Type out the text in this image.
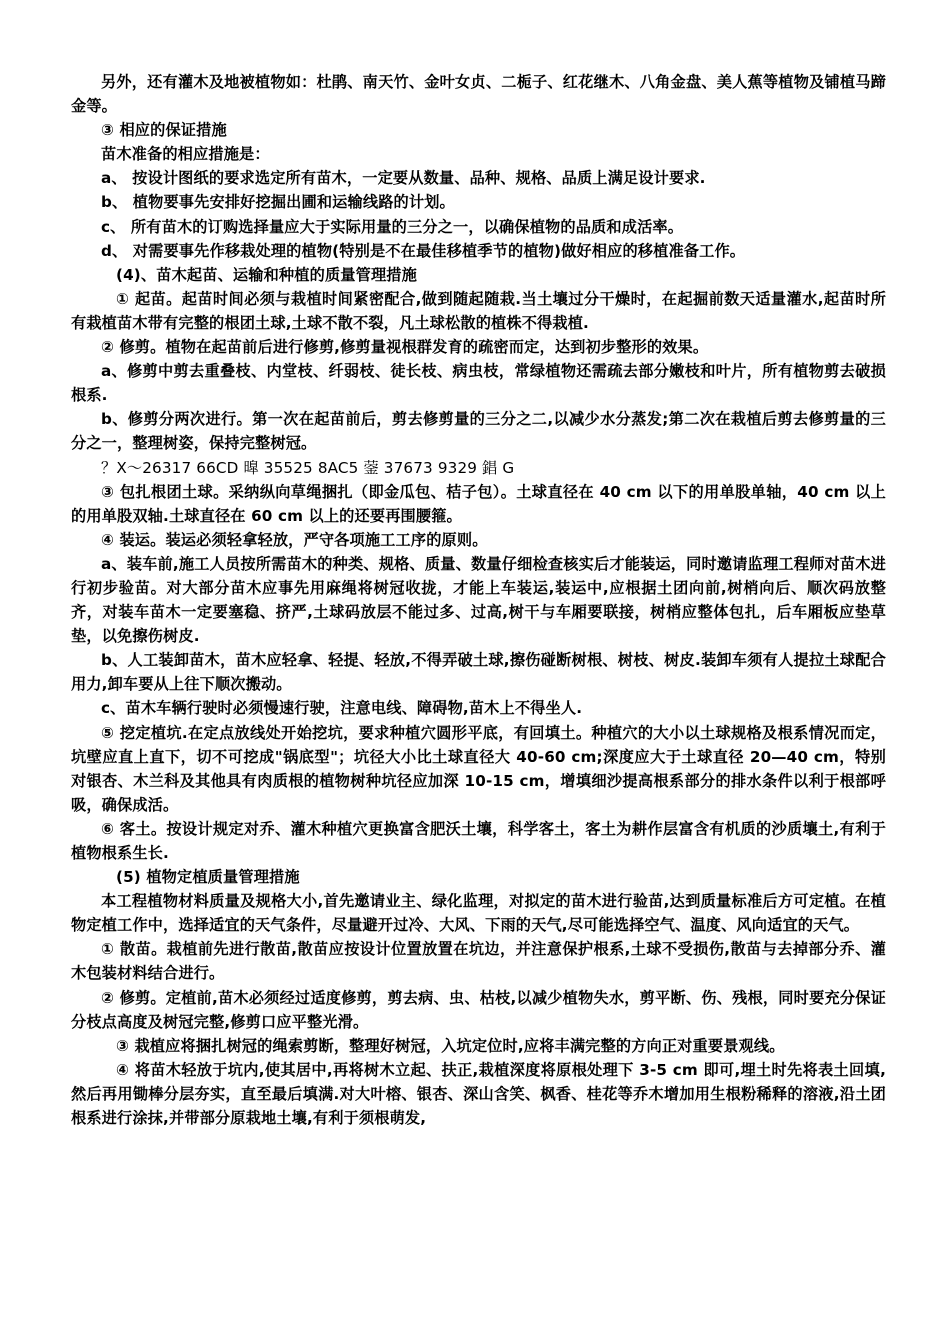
另外，还有灌木及地被植物如：杜鹃、南天竹、金叶女贞、二栀子、红花继木、八角金盘、美人蕉等植物及铺植马蹄金等。

③ 相应的保证措施

苗木准备的相应措施是：

a、 按设计图纸的要求选定所有苗木，一定要从数量、品种、规格、品质上满足设计要求.

b、 植物要事先安排好挖掘出圃和运输线路的计划。

c、 所有苗木的订购选择量应大于实际用量的三分之一，以确保植物的品质和成活率。

d、 对需要事先作移栽处理的植物(特别是不在最佳移植季节的植物)做好相应的移植准备工作。

(4)、苗木起苗、运输和种植的质量管理措施

① 起苗。起苗时间必须与栽植时间紧密配合,做到随起随栽.当土壤过分干燥时，在起掘前数天适量灌水,起苗时所有栽植苗木带有完整的根团土球,土球不散不裂，凡土球松散的植株不得栽植.

② 修剪。植物在起苗前后进行修剪,修剪量视根群发育的疏密而定，达到初步整形的效果。

a、修剪中剪去重叠枝、内堂枝、纤弱枝、徒长枝、病虫枝，常绿植物还需疏去部分嫩枝和叶片，所有植物剪去破损根系.

b、修剪分两次进行。第一次在起苗前后，剪去修剪量的三分之二,以减少水分蒸发;第二次在栽植后剪去修剪量的三分之一，整理树姿，保持完整树冠。

？X～26317 66CD 曍 35525 8AC5 蓥 37673 9329 錩 G

③ 包扎根团土球。采纳纵向草绳捆扎（即金瓜包、桔子包）。土球直径在 40 cm 以下的用单股单轴，40 cm 以上的用单股双轴.土球直径在 60 cm 以上的还要再围腰箍。

④ 装运。装运必须轻拿轻放，严守各项施工工序的原则。

a、装车前,施工人员按所需苗木的种类、规格、质量、数量仔细检查核实后才能装运，同时邀请监理工程师对苗木进行初步验苗。对大部分苗木应事先用麻绳将树冠收拢，才能上车装运,装运中,应根据土团向前,树梢向后、顺次码放整齐，对装车苗木一定要塞稳、挤严,土球码放层不能过多、过高,树干与车厢要联接，树梢应整体包扎，后车厢板应垫草垫，以免擦伤树皮.

b、人工装卸苗木，苗木应轻拿、轻提、轻放,不得弄破土球,擦伤碰断树根、树枝、树皮.装卸车须有人提拉土球配合用力,卸车要从上往下顺次搬动。

c、苗木车辆行驶时必须慢速行驶，注意电线、障碍物,苗木上不得坐人.

⑤ 挖定植坑.在定点放线处开始挖坑，要求种植穴圆形平底，有回填土。种植穴的大小以土球规格及根系情况而定，坑壁应直上直下，切不可挖成"锅底型"；坑径大小比土球直径大 40-60 cm;深度应大于土球直径 20—40 cm，特别对银杏、木兰科及其他具有肉质根的植物树种坑径应加深 10-15 cm，增填细沙提高根系部分的排水条件以利于根部呼吸，确保成活。

⑥ 客土。按设计规定对乔、灌木种植穴更换富含肥沃土壤，科学客土，客土为耕作层富含有机质的沙质壤土,有利于植物根系生长.

(5) 植物定植质量管理措施

本工程植物材料质量及规格大小,首先邀请业主、绿化监理，对拟定的苗木进行验苗,达到质量标准后方可定植。在植物定植工作中，选择适宜的天气条件，尽量避开过冷、大风、下雨的天气,尽可能选择空气、温度、风向适宜的天气。

① 散苗。栽植前先进行散苗,散苗应按设计位置放置在坑边，并注意保护根系,土球不受损伤,散苗与去掉部分乔、灌木包装材料结合进行。

② 修剪。定植前,苗木必须经过适度修剪，剪去病、虫、枯枝,以减少植物失水，剪平断、伤、残根，同时要充分保证分枝点高度及树冠完整,修剪口应平整光滑。

③ 栽植应将捆扎树冠的绳索剪断，整理好树冠，入坑定位时,应将丰满完整的方向正对重要景观线。

④ 将苗木轻放于坑内,使其居中,再将树木立起、扶正,栽植深度将原根处理下 3-5 cm 即可,埋土时先将表土回填,然后再用锄棒分层夯实，直至最后填满.对大叶榕、银杏、深山含笑、枫香、桂花等乔木增加用生根粉稀释的溶液,沿土团根系进行涂抹,并带部分原栽地土壤,有利于须根萌发,
